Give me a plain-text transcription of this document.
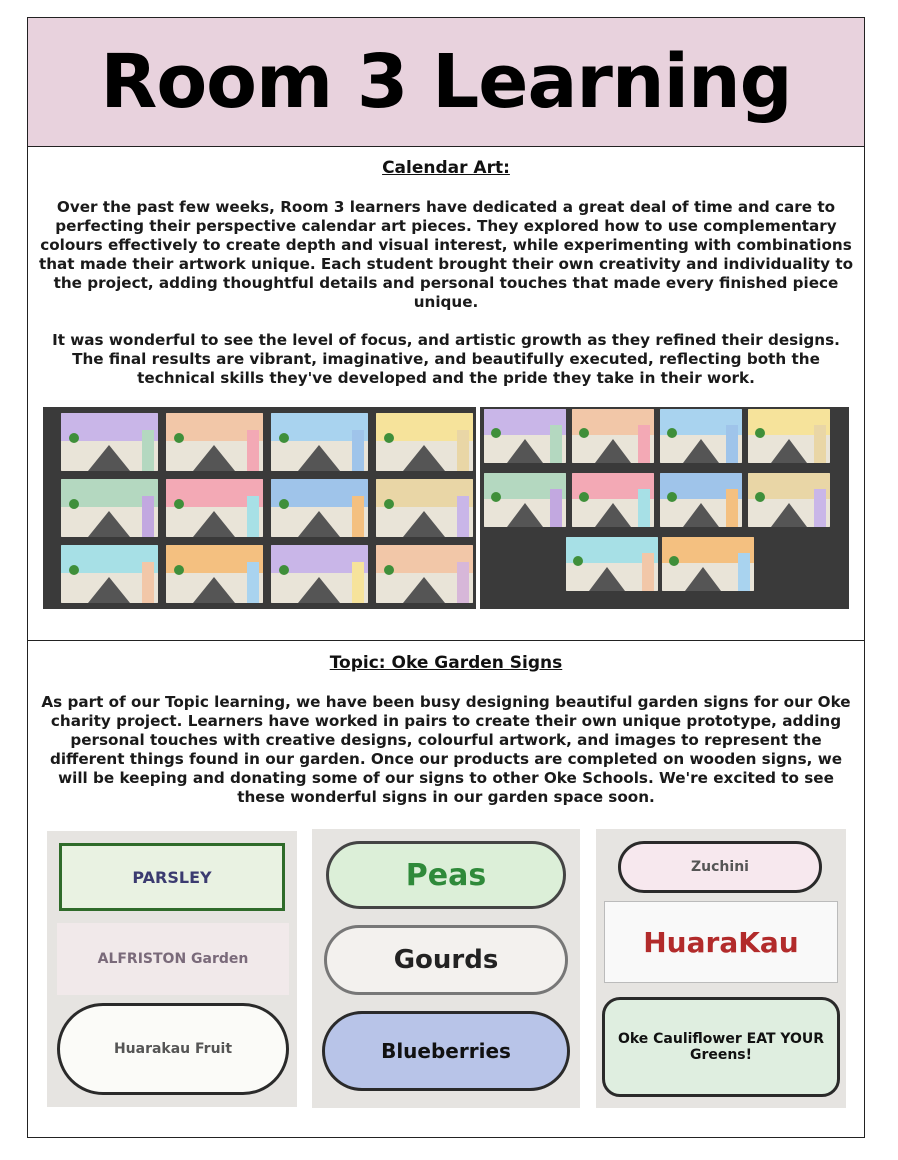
Room 3 Learning
Calendar Art:

Over the past few weeks, Room 3 learners have dedicated a great deal of time and care to perfecting their perspective calendar art pieces. They explored how to use complementary colours effectively to create depth and visual interest, while experimenting with combinations that made their artwork unique. Each student brought their own creativity and individuality to the project, adding thoughtful details and personal touches that made every finished piece unique.

It was wonderful to see the level of focus, and artistic growth as they refined their designs. The final results are vibrant, imaginative, and beautifully executed, reflecting both the technical skills they've developed and the pride they take in their work.

Topic: Oke Garden Signs

As part of our Topic learning, we have been busy designing beautiful garden signs for our Oke charity project. Learners have worked in pairs to create their own unique prototype, adding personal touches with creative designs, colourful artwork, and images to represent the different things found in our garden. Once our products are completed on wooden signs, we will be keeping and donating some of our signs to other Oke Schools. We're excited to see these wonderful signs in our garden space soon.

PARSLEY
ALFRISTON Garden
Huarakau Fruit
Peas
Gourds
Blueberries
Zuchini
HuaraKau
Oke Cauliflower EAT YOUR Greens!
